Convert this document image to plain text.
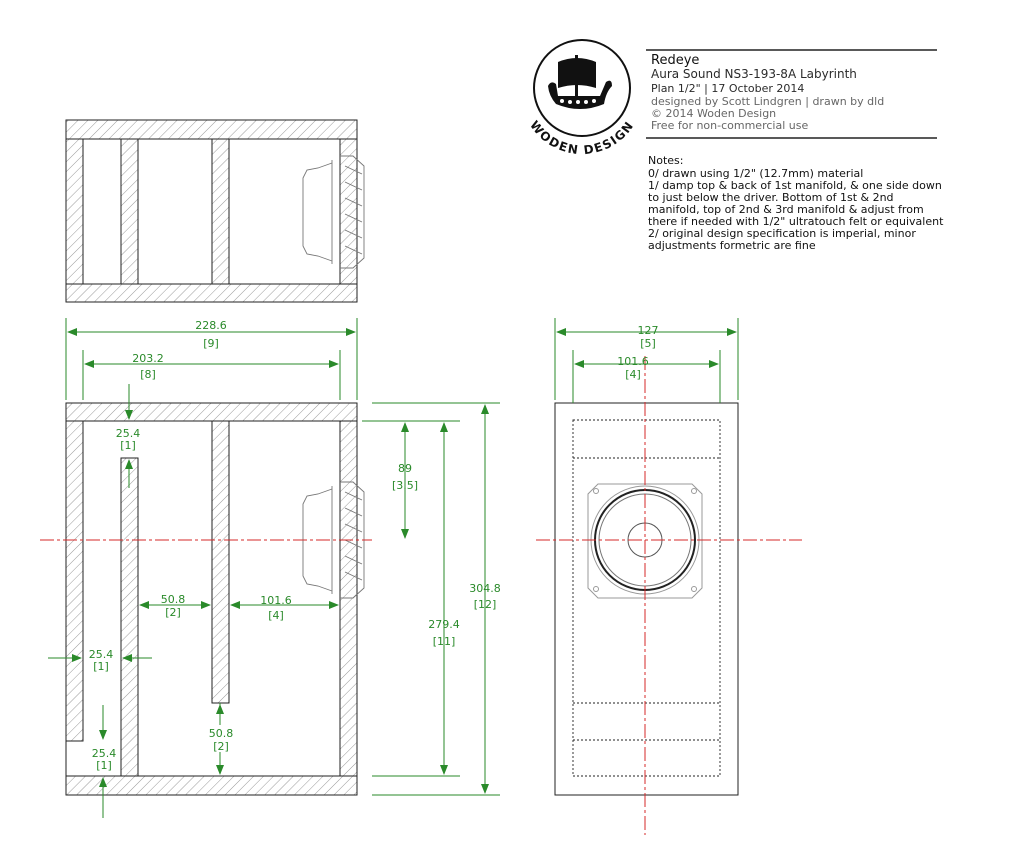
228.6
[9]
203.2
[8]
127
[5]
101.6
[4]
25.4
[1]
89
[3.5]
279.4
[11]
304.8
[12]
50.8
[2]
101.6
[4]
25.4
[1]
25.4
[1]
50.8
[2]
WODEN DESIGN
Redeye
Aura Sound NS3-193-8A Labyrinth
Plan 1/2" | 17 October 2014
designed by Scott Lindgren | drawn by dld
© 2014 Woden Design
Free for non-commercial use
Notes:
0/ drawn using 1/2" (12.7mm) material
1/ damp top & back of 1st manifold, & one side down
to just below the driver. Bottom of 1st & 2nd
manifold, top of 2nd & 3rd manifold & adjust from
there if needed with 1/2" ultratouch felt or equivalent
2/ original design specification is imperial, minor
adjustments formetric are fine
